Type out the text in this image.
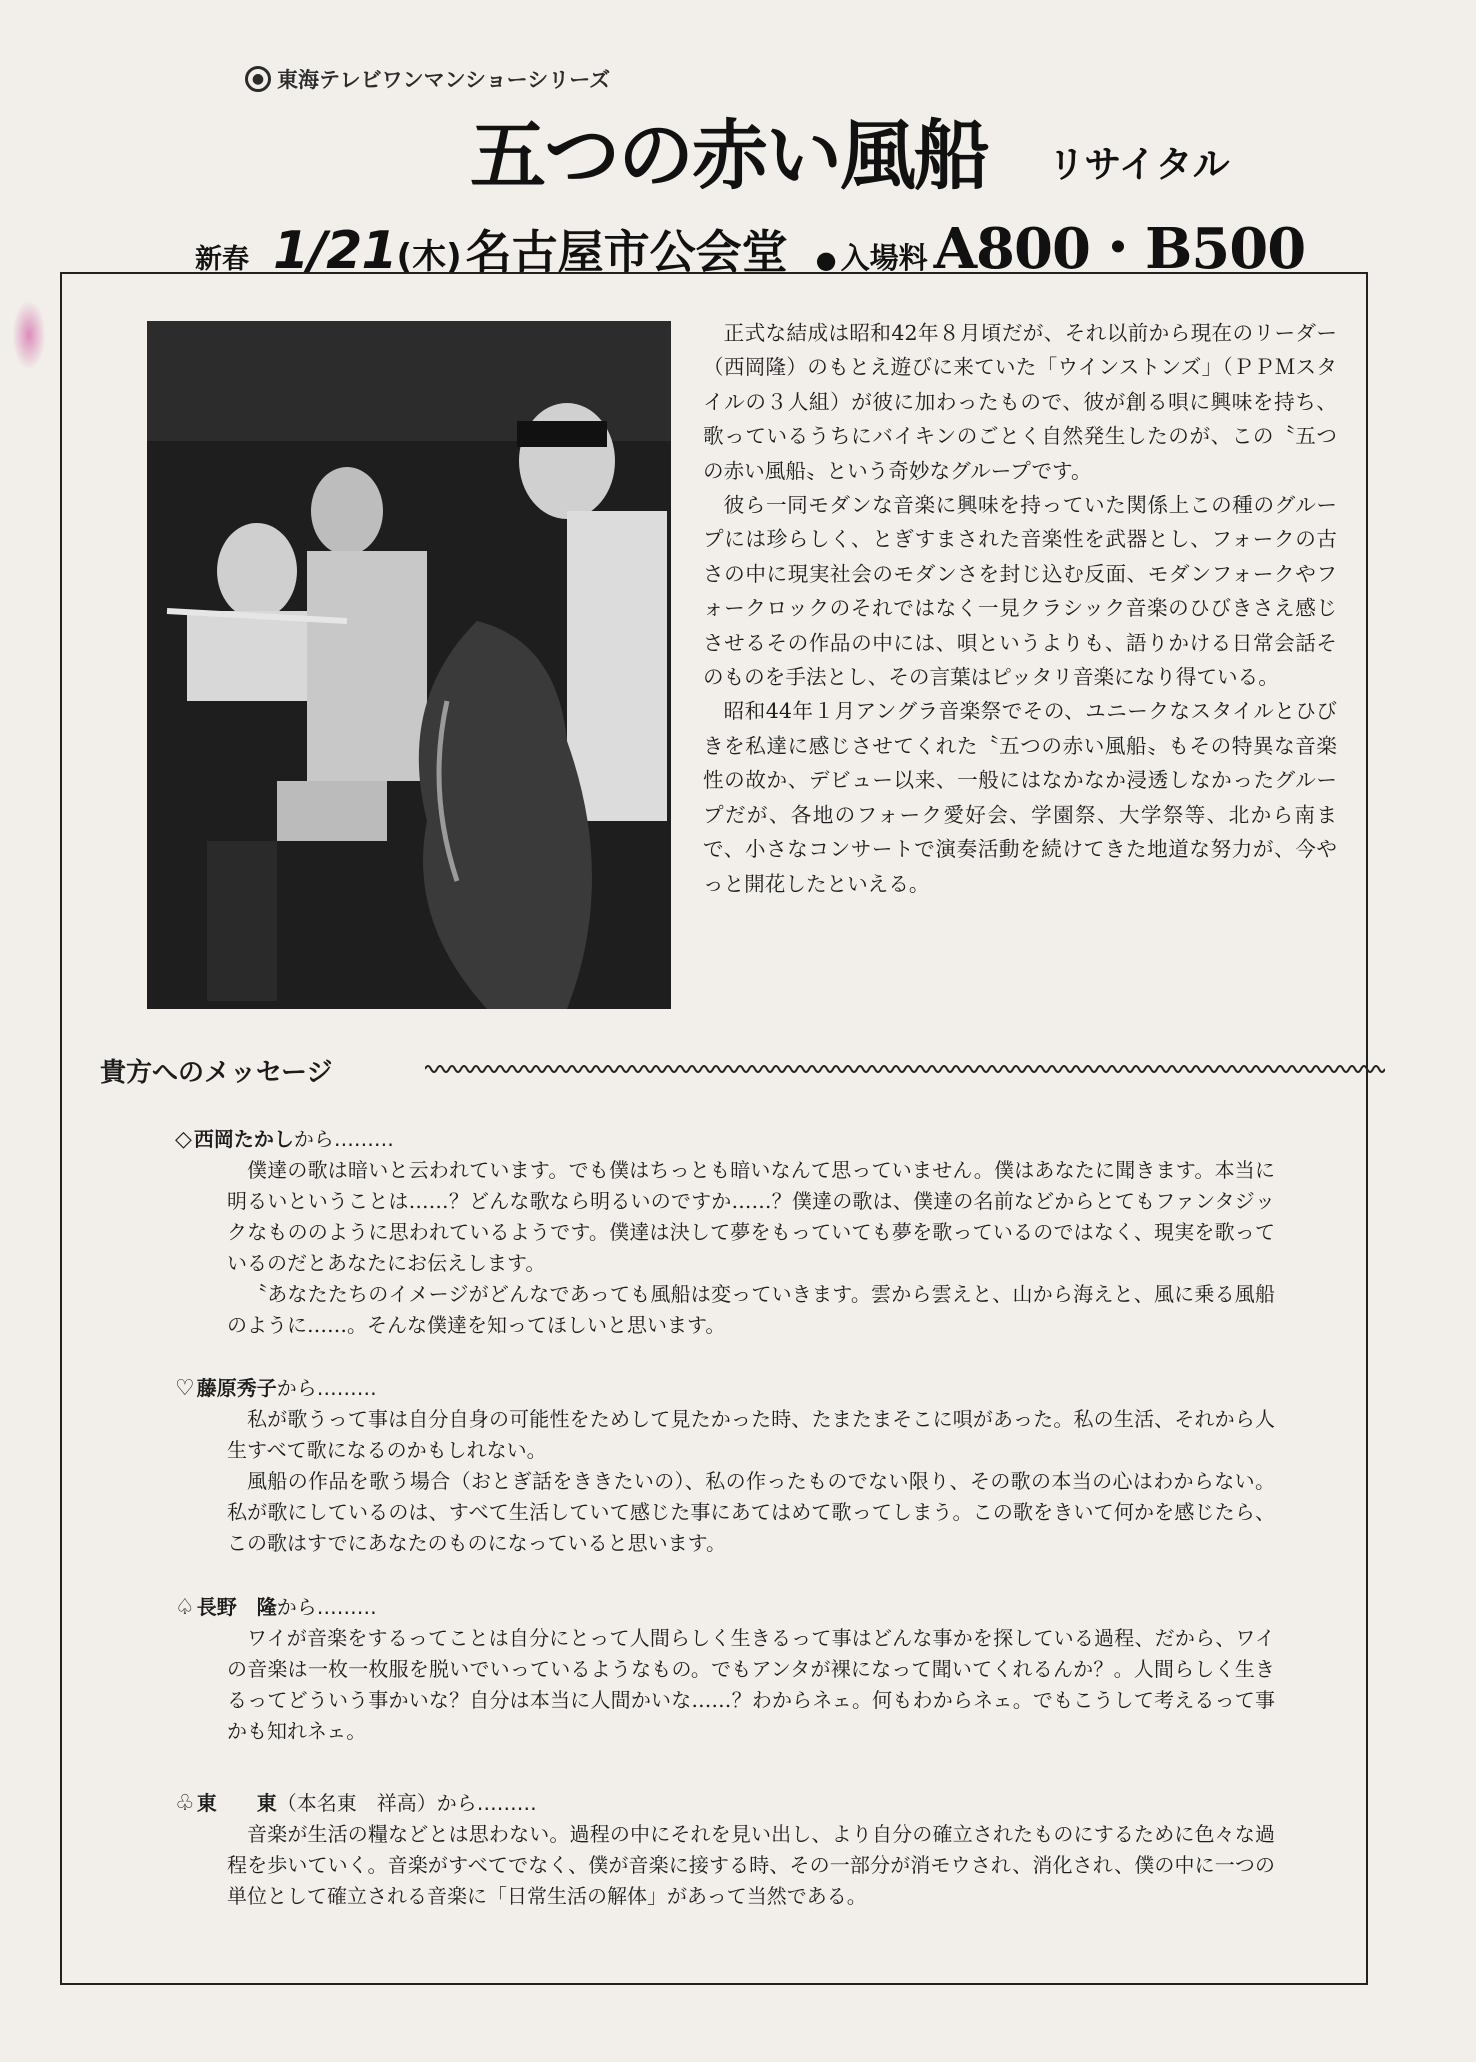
● 東海テレビワンマンショーシリーズ
五つの赤い風船 リサイタル
新春 1/21 (木) 名古屋市公会堂 ● 入場料 A800・B500

正式な結成は昭和42年８月頃だが、それ以前から現在のリーダー（西岡隆）のもとえ遊びに来ていた「ウインストンズ」（ＰＰＭスタイルの３人組）が彼に加わったもので、彼が創る唄に興味を持ち、歌っているうちにバイキンのごとく自然発生したのが、この〝五つの赤い風船〟という奇妙なグループです。

彼ら一同モダンな音楽に興味を持っていた関係上この種のグループには珍らしく、とぎすまされた音楽性を武器とし、フォークの古さの中に現実社会のモダンさを封じ込む反面、モダンフォークやフォークロックのそれではなく一見クラシック音楽のひびきさえ感じさせるその作品の中には、唄というよりも、語りかける日常会話そのものを手法とし、その言葉はピッタリ音楽になり得ている。

昭和44年１月アングラ音楽祭でその、ユニークなスタイルとひびきを私達に感じさせてくれた〝五つの赤い風船〟もその特異な音楽性の故か、デビュー以来、一般にはなかなか浸透しなかったグループだが、各地のフォーク愛好会、学園祭、大学祭等、北から南まで、小さなコンサートで演奏活動を続けてきた地道な努力が、今やっと開花したといえる。

貴方へのメッセージ
◇ 西岡たかしから………

僕達の歌は暗いと云われています。でも僕はちっとも暗いなんて思っていません。僕はあなたに聞きます。本当に明るいということは……？どんな歌なら明るいのですか……？僕達の歌は、僕達の名前などからとてもファンタジックなもののように思われているようです。僕達は決して夢をもっていても夢を歌っているのではなく、現実を歌っているのだとあなたにお伝えします。

〝あなたたちのイメージがどんなであっても風船は変っていきます。雲から雲えと、山から海えと、風に乗る風船のように……。そんな僕達を知ってほしいと思います。

♡ 藤原秀子から………

私が歌うって事は自分自身の可能性をためして見たかった時、たまたまそこに唄があった。私の生活、それから人生すべて歌になるのかもしれない。

風船の作品を歌う場合（おとぎ話をききたいの）、私の作ったものでない限り、その歌の本当の心はわからない。私が歌にしているのは、すべて生活していて感じた事にあてはめて歌ってしまう。この歌をきいて何かを感じたら、この歌はすでにあなたのものになっていると思います。

♤ 長野　隆から………

ワイが音楽をするってことは自分にとって人間らしく生きるって事はどんな事かを探している過程、だから、ワイの音楽は一枚一枚服を脱いでいっているようなもの。でもアンタが裸になって聞いてくれるんか？。人間らしく生きるってどういう事かいな？自分は本当に人間かいな……？わからネェ。何もわからネェ。でもこうして考えるって事かも知れネェ。

♧ 東　　東（本名東　祥高）から………

音楽が生活の糧などとは思わない。過程の中にそれを見い出し、より自分の確立されたものにするために色々な過程を歩いていく。音楽がすべてでなく、僕が音楽に接する時、その一部分が消モウされ、消化され、僕の中に一つの単位として確立される音楽に「日常生活の解体」があって当然である。
